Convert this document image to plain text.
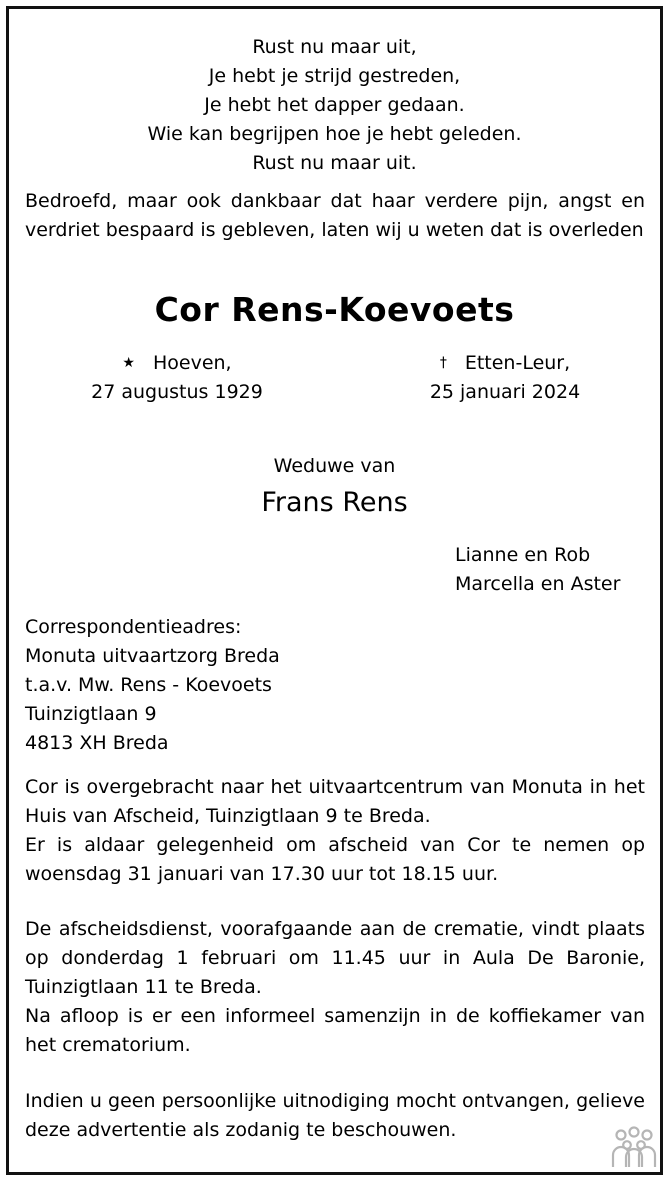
Rust nu maar uit,
Je hebt je strijd gestreden,
Je hebt het dapper gedaan.
Wie kan begrijpen hoe je hebt geleden.
Rust nu maar uit.
Bedroefd, maar ook dankbaar dat haar verdere pijn, angst en verdriet bespaard is gebleven, laten wij u weten dat is overleden
Cor Rens-Koevoets
★ Hoeven,
27 augustus 1929
† Etten-Leur,
25 januari 2024
Weduwe van
Frans Rens
Lianne en Rob
Marcella en Aster
Correspondentieadres:
Monuta uitvaartzorg Breda
t.a.v. Mw. Rens - Koevoets
Tuinzigtlaan 9
4813 XH Breda
Cor is overgebracht naar het uitvaartcentrum van Monuta in het Huis van Afscheid, Tuinzigtlaan 9 te Breda.
Er is aldaar gelegenheid om afscheid van Cor te nemen op woensdag 31 januari van 17.30 uur tot 18.15 uur.
De afscheidsdienst, voorafgaande aan de crematie, vindt plaats op donderdag 1 februari om 11.45 uur in Aula De Baronie, Tuinzigtlaan 11 te Breda.
Na afloop is er een informeel samenzijn in de koffiekamer van het crematorium.
Indien u geen persoonlijke uitnodiging mocht ontvangen, gelieve deze advertentie als zodanig te beschouwen.
